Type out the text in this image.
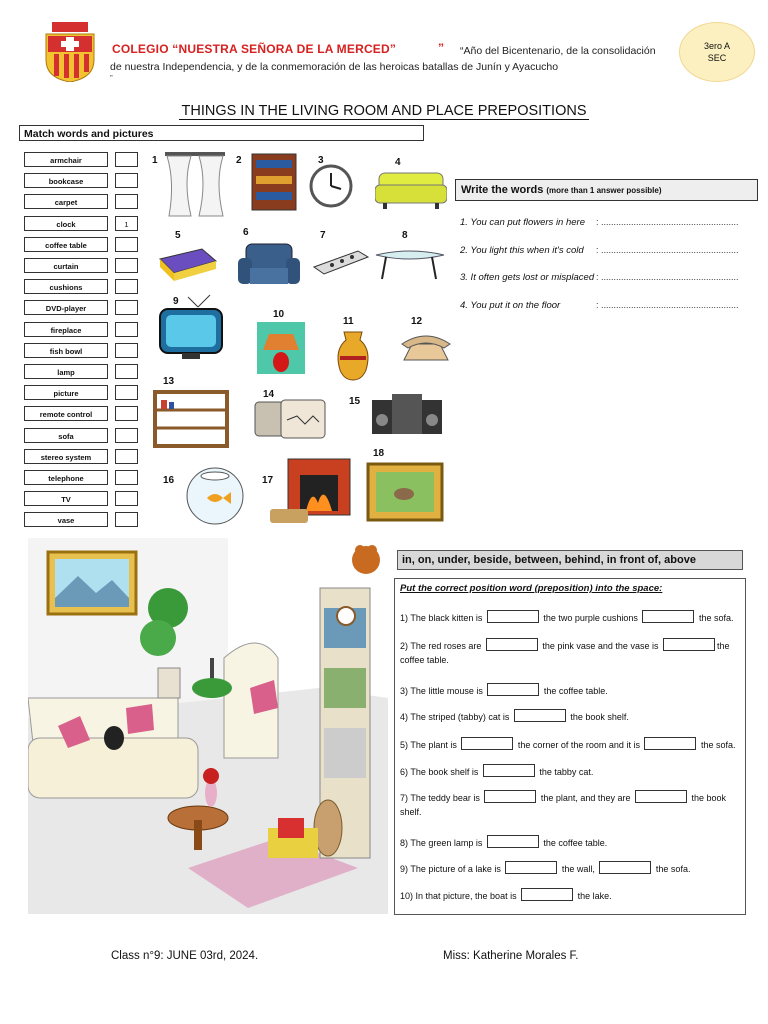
COLEGIO “NUESTRA SEÑORA DE LA MERCED”	” “Año del Bicentenario, de la consolidación
de nuestra Independencia, y de la conmemoración de las heroicas batallas de Junín y Ayacucho
”
3ero A
SEC
THINGS IN THE LIVING ROOM AND PLACE PREPOSITIONS
Match words and pictures
armchair
bookcase
carpet
clock	1
coffee table
curtain
cushions
DVD-player
fireplace
fish bowl
lamp
picture
remote control
sofa
stereo system
telephone
TV
vase
1	2	3	4
5	6	7	8
9
10
11	12
13
14
15
16	17
18
Write the words (more than 1 answer possible)
1. You can put flowers in here : .......................................................
2. You light this when it's cold : .......................................................
3. It often gets lost or misplaced : .......................................................
4. You put it on the floor	: .......................................................
in, on, under, beside, between, behind, in front of, above
Put the correct position word (preposition) into the space:
1) The black kitten is	the two purple cushions	the sofa.
2) The red roses are	the pink vase and the vase is	the coffee table.
3) The little mouse is	the coffee table.
4) The striped (tabby) cat is	the book shelf.
5) The plant is	the corner of the room and it is	the sofa.
6) The book shelf is	the tabby cat.
7) The teddy bear is	the plant, and they are	the book shelf.
8) The green lamp is	the coffee table.
9) The picture of a lake is	the wall,	the sofa.
10) In that picture, the boat is	the lake.
Class n°9: JUNE 03rd, 2024.	Miss: Katherine Morales F.
